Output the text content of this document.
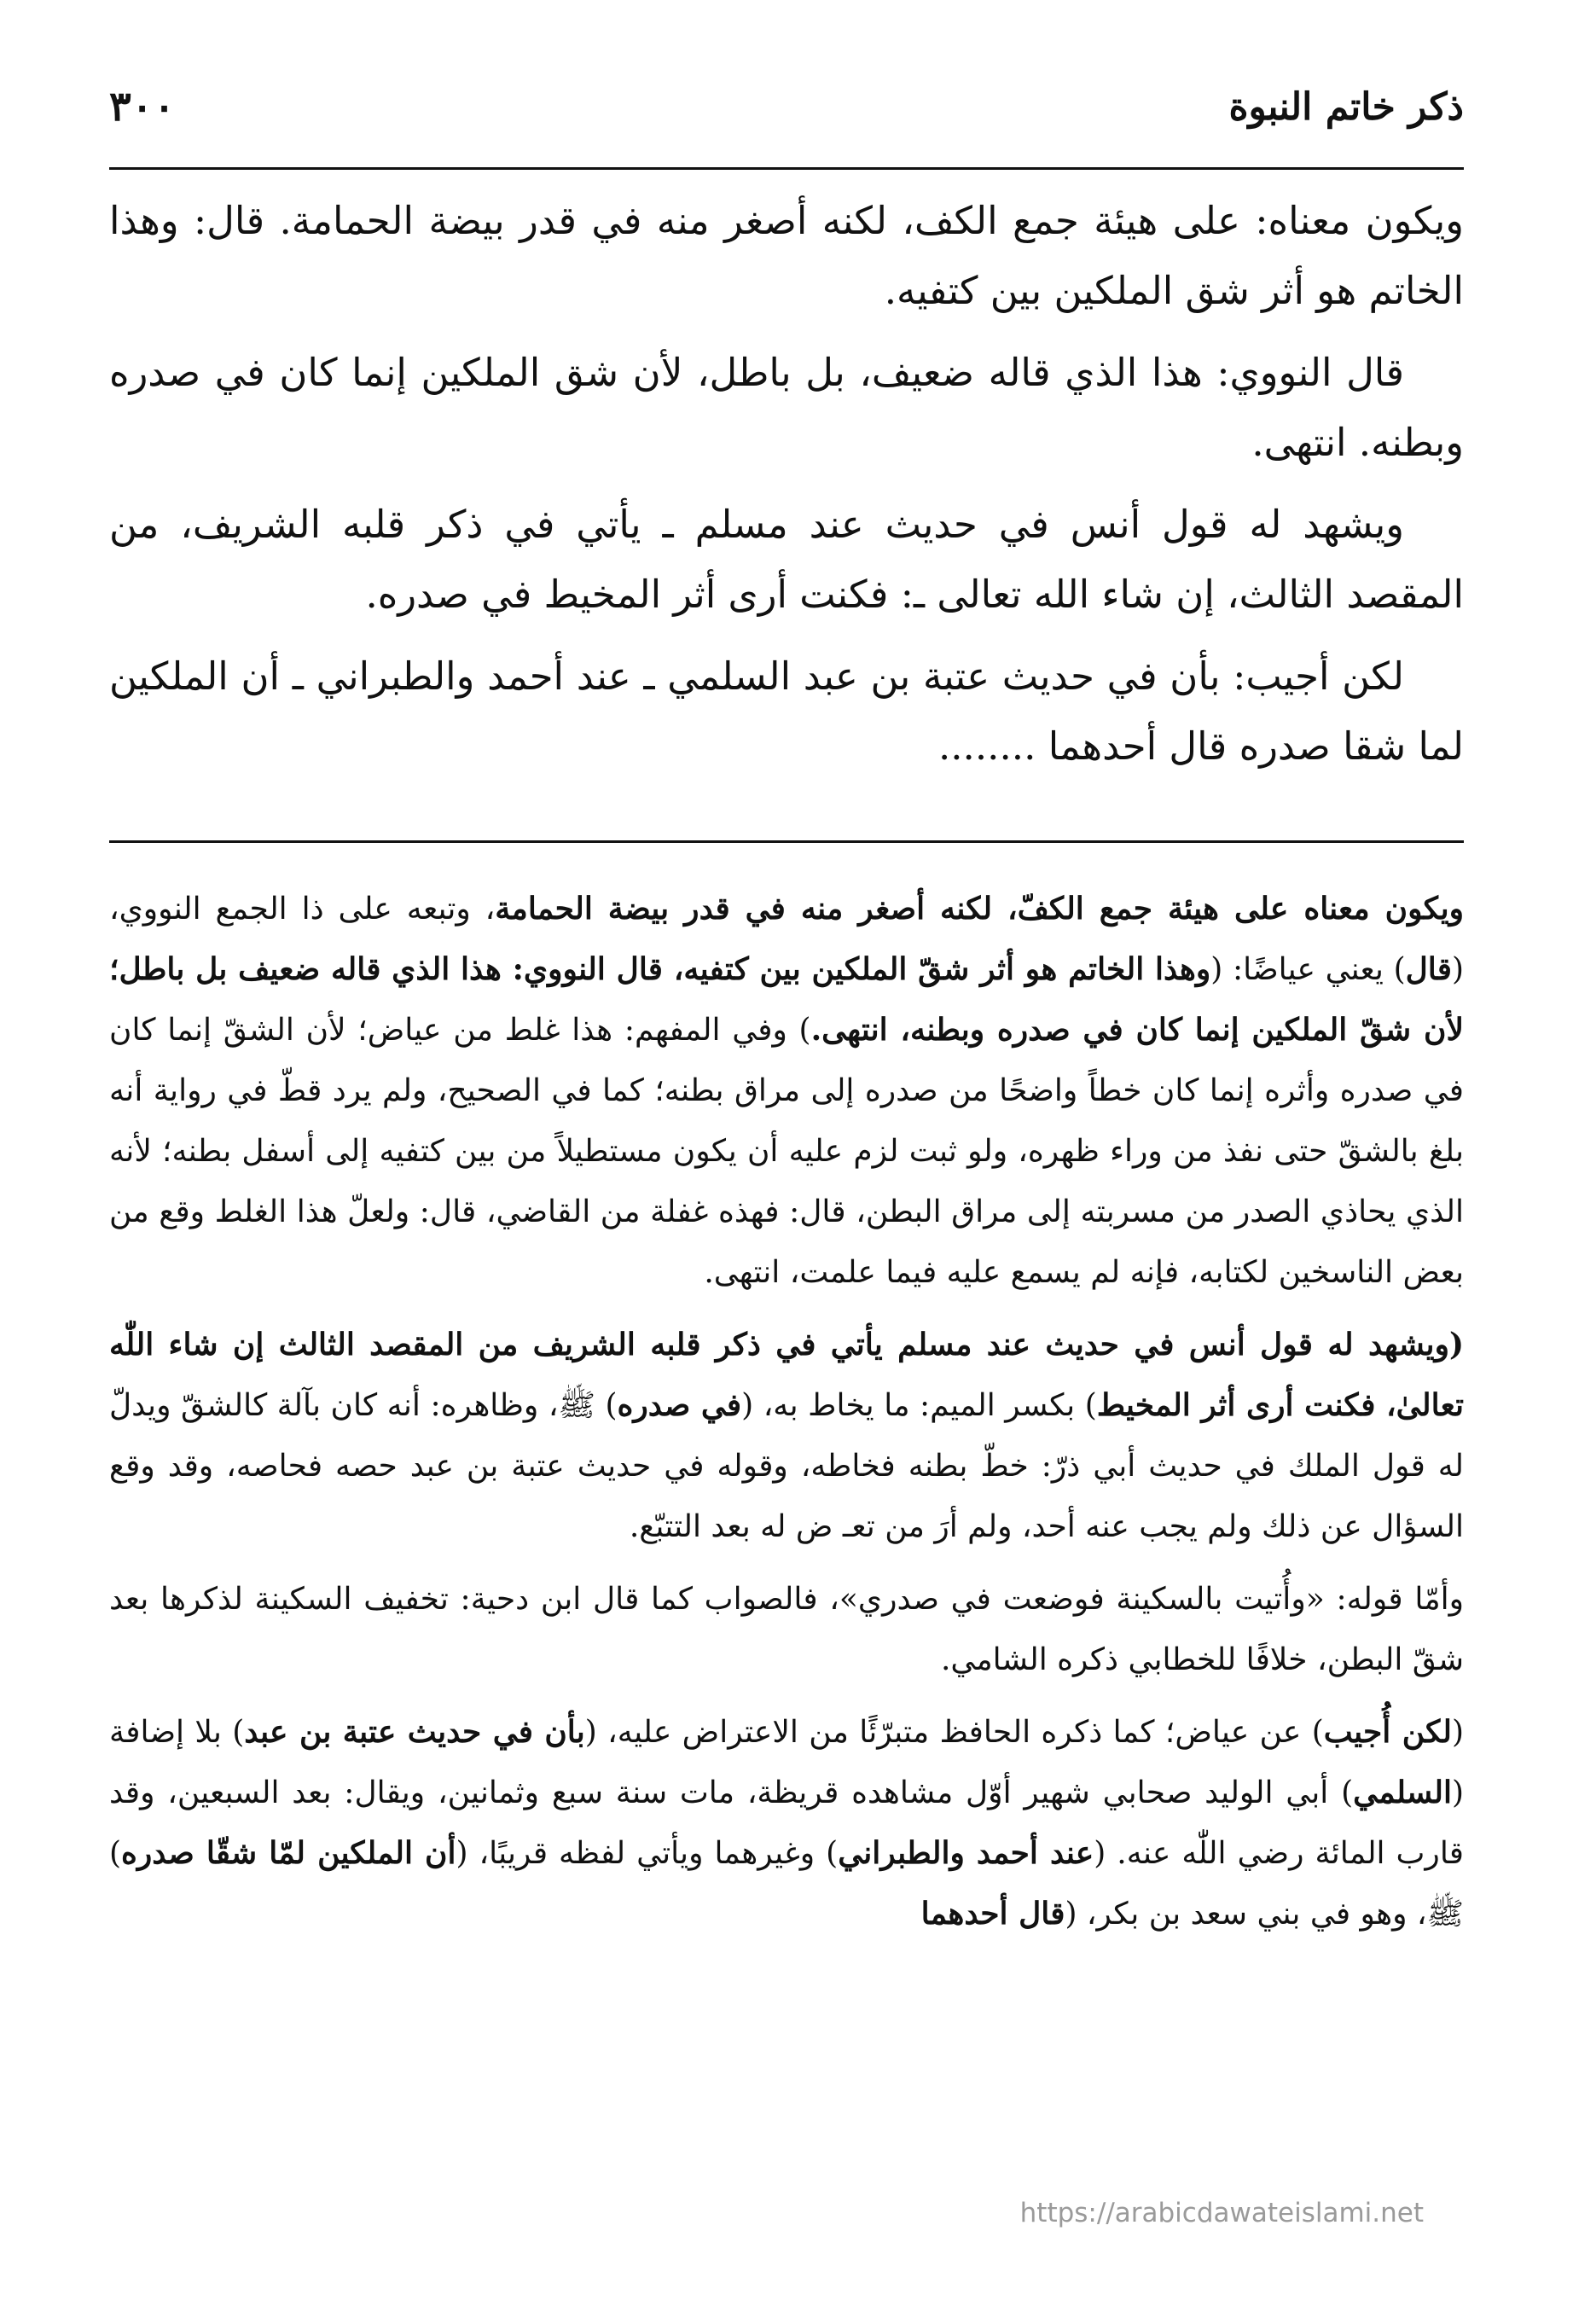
ذكر خاتم النبوة
٣٠٠

ويكون معناه: على هيئة جمع الكف، لكنه أصغر منه في قدر بيضة الحمامة. قال: وهذا الخاتم هو أثر شق الملكين بين كتفيه.

قال النووي: هذا الذي قاله ضعيف، بل باطل، لأن شق الملكين إنما كان في صدره وبطنه. انتهى.

ويشهد له قول أنس في حديث عند مسلم ـ يأتي في ذكر قلبه الشريف، من المقصد الثالث، إن شاء الله تعالى ـ: فكنت أرى أثر المخيط في صدره.

لكن أجيب: بأن في حديث عتبة بن عبد السلمي ـ عند أحمد والطبراني ـ أن الملكين لما شقا صدره قال أحدهما ........

ويكون معناه على هيئة جمع الكفّ، لكنه أصغر منه في قدر بيضة الحمامة، وتبعه على ذا الجمع النووي، (قال) يعني عياضًا: (وهذا الخاتم هو أثر شقّ الملكين بين كتفيه، قال النووي: هذا الذي قاله ضعيف بل باطل؛ لأن شقّ الملكين إنما كان في صدره وبطنه، انتهى.) وفي المفهم: هذا غلط من عياض؛ لأن الشقّ إنما كان في صدره وأثره إنما كان خطاً واضحًا من صدره إلى مراق بطنه؛ كما في الصحيح، ولم يرد قطّ في رواية أنه بلغ بالشقّ حتى نفذ من وراء ظهره، ولو ثبت لزم عليه أن يكون مستطيلاً من بين كتفيه إلى أسفل بطنه؛ لأنه الذي يحاذي الصدر من مسربته إلى مراق البطن، قال: فهذه غفلة من القاضي، قال: ولعلّ هذا الغلط وقع من بعض الناسخين لكتابه، فإنه لم يسمع عليه فيما علمت، انتهى.

(ويشهد له قول أنس في حديث عند مسلم يأتي في ذكر قلبه الشريف من المقصد الثالث إن شاء اللّٰه تعالىٰ، فكنت أرى أثر المخيط) بكسر الميم: ما يخاط به، (في صدره) ﷺ، وظاهره: أنه كان بآلة كالشقّ ويدلّ له قول الملك في حديث أبي ذرّ: خطّ بطنه فخاطه، وقوله في حديث عتبة بن عبد حصه فحاصه، وقد وقع السؤال عن ذلك ولم يجب عنه أحد، ولم أرَ من تعـ ض له بعد التتبّع.

وأمّا قوله: «وأُتيت بالسكينة فوضعت في صدري»، فالصواب كما قال ابن دحية: تخفيف السكينة لذكرها بعد شقّ البطن، خلافًا للخطابي ذكره الشامي.

(لكن أُجيب) عن عياض؛ كما ذكره الحافظ متبرّئًا من الاعتراض عليه، (بأن في حديث عتبة بن عبد) بلا إضافة (السلمي) أبي الوليد صحابي شهير أوّل مشاهده قريظة، مات سنة سبع وثمانين، ويقال: بعد السبعين، وقد قارب المائة رضي اللّٰه عنه. (عند أحمد والطبراني) وغيرهما ويأتي لفظه قريبًا، (أن الملكين لمّا شقّا صدره) ﷺ، وهو في بني سعد بن بكر، (قال أحدهما

https://arabicdawateislami.net
